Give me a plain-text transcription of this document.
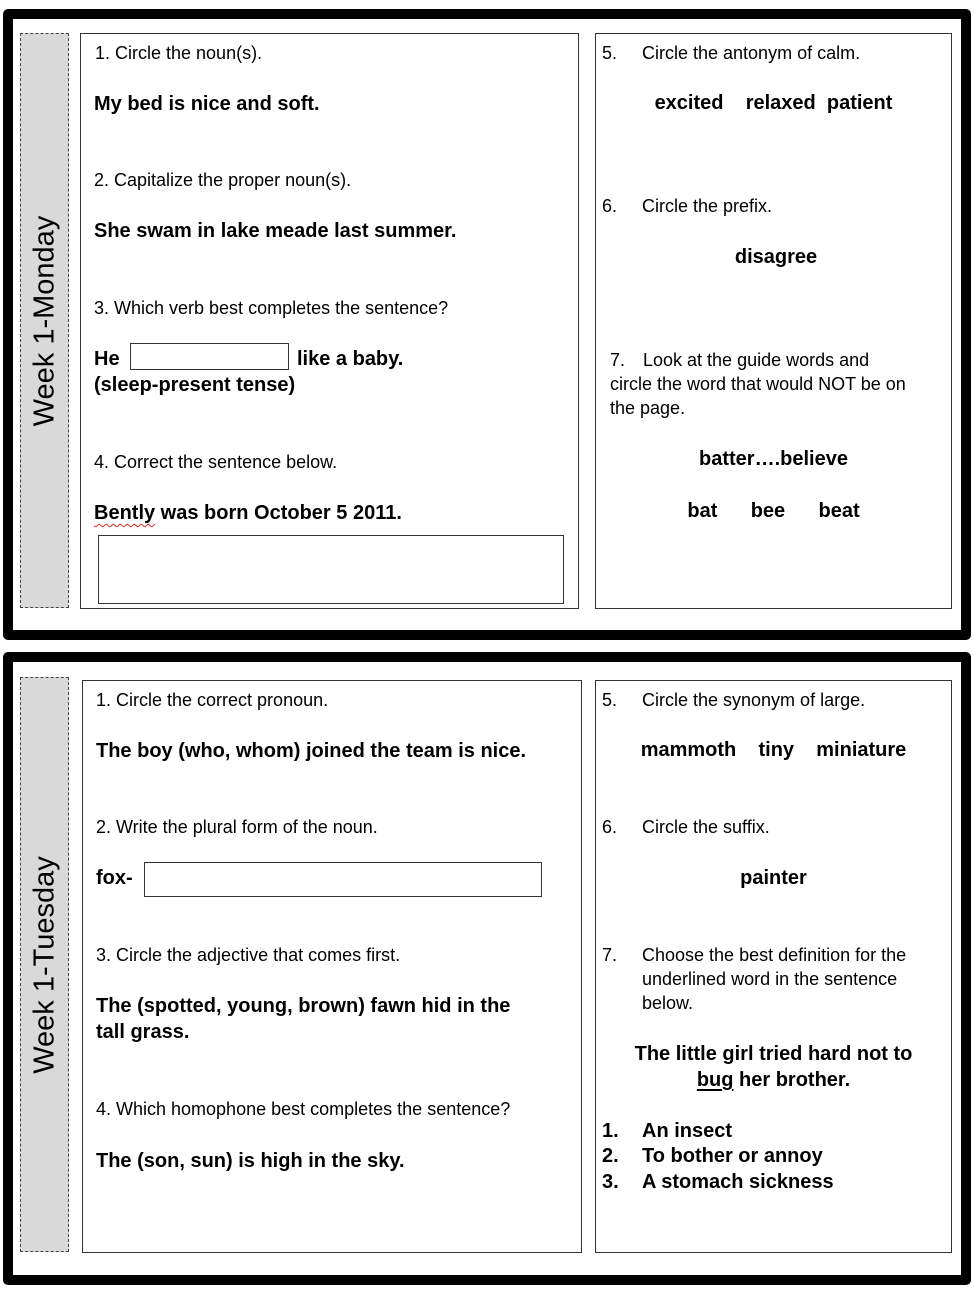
Week 1-Monday
1. Circle the noun(s).
My bed is nice and soft.
2. Capitalize the proper noun(s).
She swam in lake meade last summer.
3. Which verb best completes the sentence?
He	like a baby.
(sleep-present tense)
4. Correct the sentence below.
Bently was born October 5 2011.
5. Circle the antonym of calm.
excited    relaxed  patient
6. Circle the prefix.
disagree
7. Look at the guide words and
circle the word that would NOT be on
the page.
batter….believe
bat      bee      beat
Week 1-Tuesday
1. Circle the correct pronoun.
The boy (who, whom) joined the team is nice.
2. Write the plural form of the noun.
fox-
3. Circle the adjective that comes first.
The (spotted, young, brown) fawn hid in the
tall grass.
4. Which homophone best completes the sentence?
The (son, sun) is high in the sky.
5. Circle the synonym of large.
mammoth    tiny    miniature
6. Circle the suffix.
painter
7. Choose the best definition for the
underlined word in the sentence
below.
The little girl tried hard not to
bug her brother.
1. An insect
2. To bother or annoy
3. A stomach sickness
